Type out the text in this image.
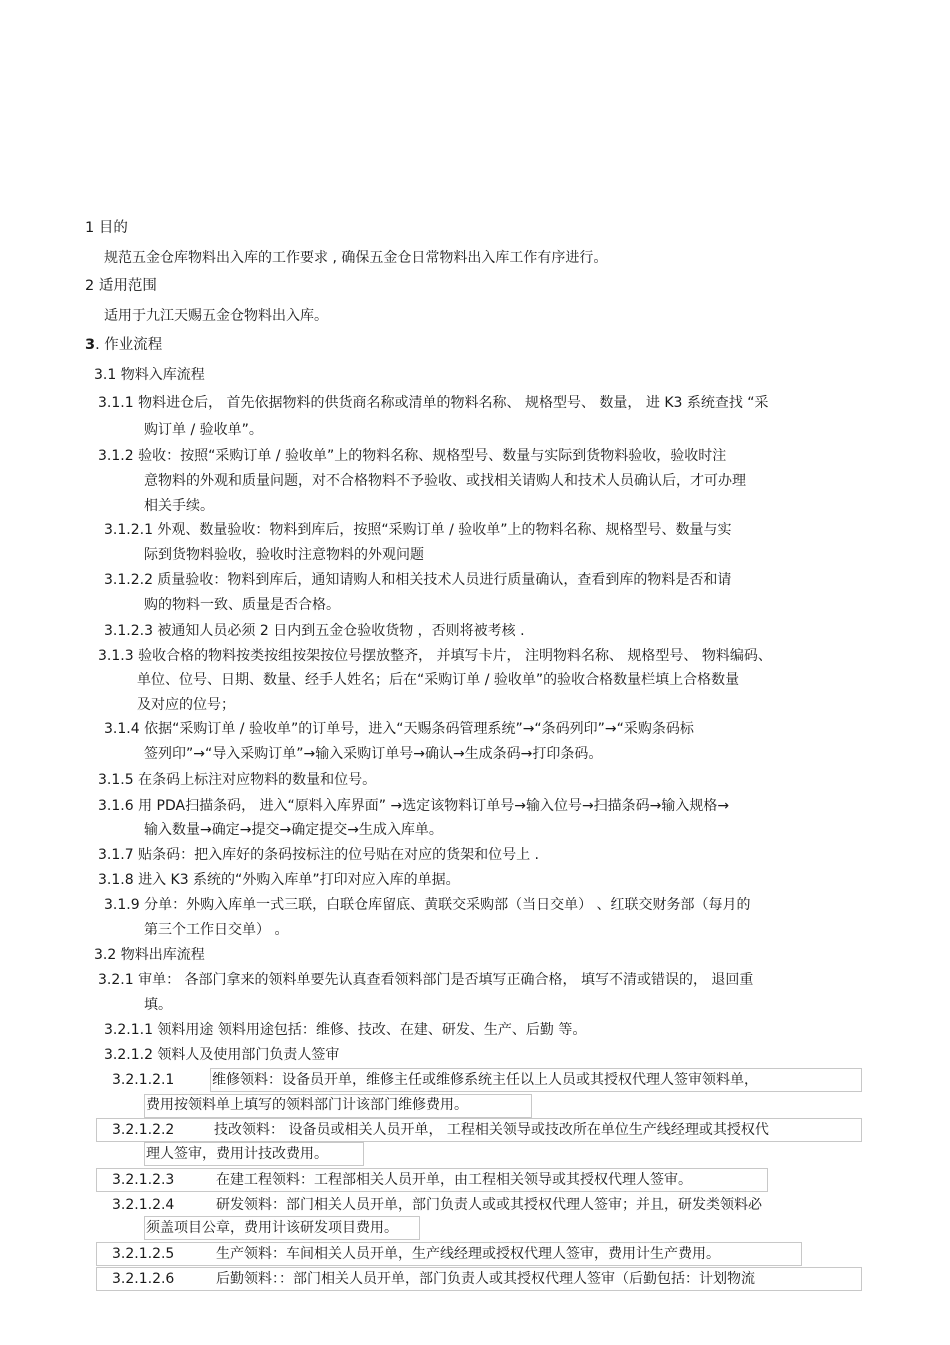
1 目的
规范五金仓库物料出入库的工作要求 , 确保五金仓日常物料出入库工作有序进行。
2 适用范围
适用于九江天赐五金仓物料出入库。
3. 作业流程
3.1 物料入库流程
3.1.1 物料进仓后， 首先依据物料的供货商名称或清单的物料名称、 规格型号、 数量， 进 K3 系统查找 “采
购订单 / 验收单”。
3.1.2 验收：按照“采购订单 / 验收单”上的物料名称、规格型号、数量与实际到货物料验收，验收时注
意物料的外观和质量问题，对不合格物料不予验收、或找相关请购人和技术人员确认后，才可办理
相关手续。
3.1.2.1 外观、数量验收：物料到库后，按照“采购订单 / 验收单”上的物料名称、规格型号、数量与实
际到货物料验收，验收时注意物料的外观问题
3.1.2.2 质量验收：物料到库后，通知请购人和相关技术人员进行质量确认，查看到库的物料是否和请
购的物料一致、质量是否合格。
3.1.2.3 被通知人员必须 2 日内到五金仓验收货物 ，否则将被考核 .
3.1.3 验收合格的物料按类按组按架按位号摆放整齐， 并填写卡片， 注明物料名称、 规格型号、 物料编码、
单位、位号、日期、数量、经手人姓名；后在“采购订单 / 验收单”的验收合格数量栏填上合格数量
及对应的位号；
3.1.4 依据“采购订单 / 验收单”的订单号，进入“天赐条码管理系统”→“条码列印”→“采购条码标
签列印”→“导入采购订单”→输入采购订单号→确认→生成条码→打印条码。
3.1.5 在条码上标注对应物料的数量和位号。
3.1.6 用 PDA扫描条码， 进入“原料入库界面” →选定该物料订单号→输入位号→扫描条码→输入规格→
输入数量→确定→提交→确定提交→生成入库单。
3.1.7 贴条码：把入库好的条码按标注的位号贴在对应的货架和位号上 .
3.1.8 进入 K3 系统的“外购入库单”打印对应入库的单据。
3.1.9 分单：外购入库单一式三联，白联仓库留底、黄联交采购部（当日交单） 、红联交财务部（每月的
第三个工作日交单） 。
3.2 物料出库流程
3.2.1 审单： 各部门拿来的领料单要先认真查看领料部门是否填写正确合格， 填写不清或错误的， 退回重
填。
3.2.1.1 领料用途 领料用途包括：维修、技改、在建、研发、生产、后勤 等。
3.2.1.2 领料人及使用部门负责人签审
3.2.1.2.1	维修领料：设备员开单，维修主任或维修系统主任以上人员或其授权代理人签审领料单，
费用按领料单上填写的领料部门计该部门维修费用。
3.2.1.2.2	技改领料： 设备员或相关人员开单， 工程相关领导或技改所在单位生产线经理或其授权代
理人签审，费用计技改费用。
3.2.1.2.3	在建工程领料：工程部相关人员开单，由工程相关领导或其授权代理人签审。
3.2.1.2.4	研发领料：部门相关人员开单，部门负责人或或其授权代理人签审；并且，研发类领料必
须盖项目公章，费用计该研发项目费用。
3.2.1.2.5	生产领料：车间相关人员开单，生产线经理或授权代理人签审，费用计生产费用。
3.2.1.2.6	后勤领料：：部门相关人员开单，部门负责人或其授权代理人签审（后勤包括：计划物流
